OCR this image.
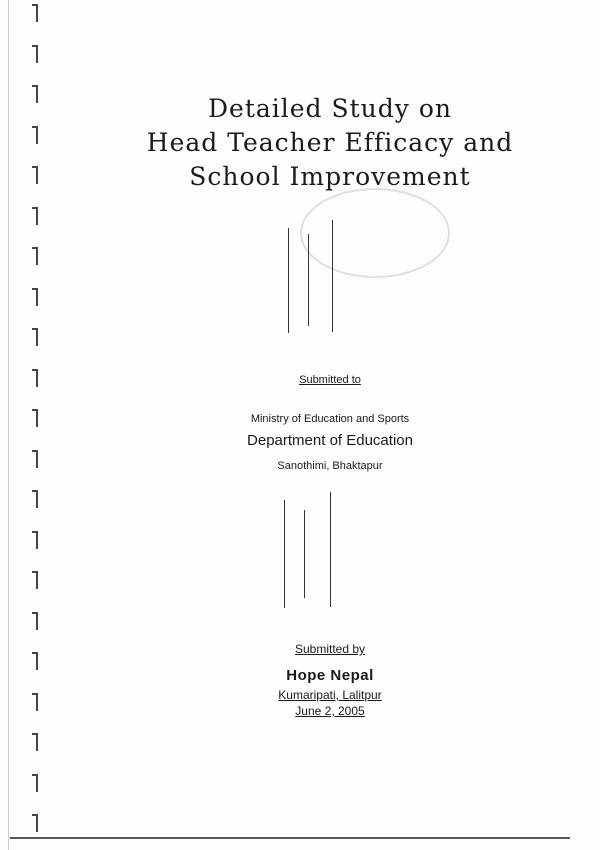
Detailed Study on
Head Teacher Efficacy and
School Improvement
Submitted to
Ministry of Education and Sports
Department of Education
Sanothimi, Bhaktapur
Submitted by
Hope Nepal
Kumaripati, Lalitpur
June 2, 2005
